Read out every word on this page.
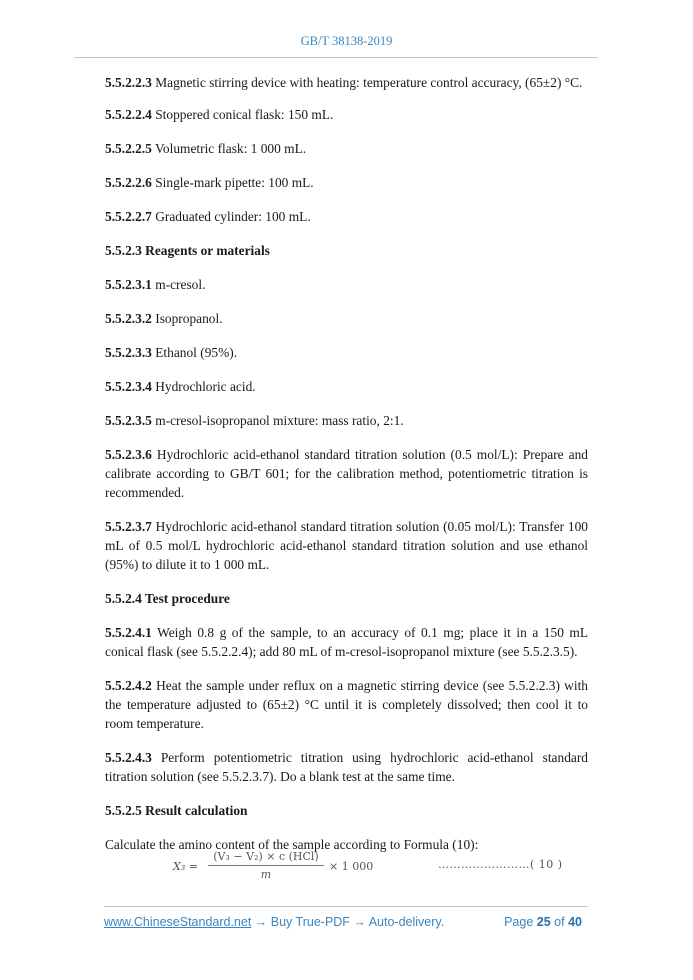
GB/T 38138-2019

5.5.2.2.3 Magnetic stirring device with heating: temperature control accuracy, (65±2) °C.

5.5.2.2.4 Stoppered conical flask: 150 mL.

5.5.2.2.5 Volumetric flask: 1 000 mL.

5.5.2.2.6 Single-mark pipette: 100 mL.

5.5.2.2.7 Graduated cylinder: 100 mL.

5.5.2.3 Reagents or materials

5.5.2.3.1 m-cresol.

5.5.2.3.2 Isopropanol.

5.5.2.3.3 Ethanol (95%).

5.5.2.3.4 Hydrochloric acid.

5.5.2.3.5 m-cresol-isopropanol mixture: mass ratio, 2:1.

5.5.2.3.6 Hydrochloric acid-ethanol standard titration solution (0.5 mol/L): Prepare and calibrate according to GB/T 601; for the calibration method, potentiometric titration is recommended.

5.5.2.3.7 Hydrochloric acid-ethanol standard titration solution (0.05 mol/L): Transfer 100 mL of 0.5 mol/L hydrochloric acid-ethanol standard titration solution and use ethanol (95%) to dilute it to 1 000 mL.

5.5.2.4 Test procedure

5.5.2.4.1 Weigh 0.8 g of the sample, to an accuracy of 0.1 mg; place it in a 150 mL conical flask (see 5.5.2.2.4); add 80 mL of m-cresol-isopropanol mixture (see 5.5.2.3.5).

5.5.2.4.2 Heat the sample under reflux on a magnetic stirring device (see 5.5.2.2.3) with the temperature adjusted to (65±2) °C until it is completely dissolved; then cool it to room temperature.

5.5.2.4.3 Perform potentiometric titration using hydrochloric acid-ethanol standard titration solution (see 5.5.2.3.7). Do a blank test at the same time.

5.5.2.5 Result calculation

Calculate the amino content of the sample according to Formula (10):

X₃ =
(V₃ − V₂) × c (HCl)
m
× 1 000	……………………( 10 )
www.ChineseStandard.net → Buy True-PDF → Auto-delivery.	Page 25 of 40
